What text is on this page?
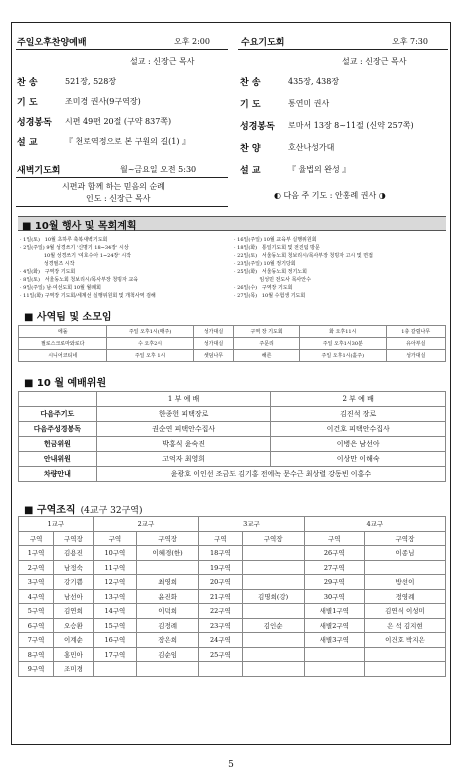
주일오후찬양예배	오후 2:00
설교 : 신장근 목사
찬 송	521장, 528장
기 도	조미경 권사(9구역장)
성경봉독 시편 49편 20절 (구약 837쪽)
설 교	『 천로역정으로 본 구원의 길(1) 』
수요기도회	오후 7:30
설교 : 신장근 목사
찬 송	435장, 438장
기 도	통연미 권사
성경봉독 로마서 13장 8~11절 (신약 257쪽)
찬 양	호산나성가대
설 교	『 율법의 완성 』
◐ 다음 주 기도 : 안홍례 권사 ◑
새벽기도회	월~금요일 오전 5:30
시편과 함께 하는 믿음의 순례
인도 : 신장근 목사
■ 10월 행사 및 목회계획
· 1일(토)   10월 초하루 축복새벽기도회
· 2일(주일) 9월 성경쓰기 '신명기 18~34장' 시상
10월 성경쓰기 '여호수아 1~24장' 시작
성경필즈 시작
· 4일(화)   구역장 기도회
· 8일(토)   서울동노회 청보리시/목사부장 청빙자 교육
· 9일(주일) 남·여선도회 10월 월례회
· 11일(화) 구역장 기도회/세계선 실행위원회 및 개척사역 검해
· 16일(주일) 10월 교육부 실행위원회
· 18일(화)   통일기도회 및 전진팀 방문
· 22일(토)   서울동노회 청보리시/목사부장 청빙자 고시 및 면접
· 23일(주일) 10월 정기당회
· 25일(화)   서울동노회 정기노회
임성민 전도사 목사안수
· 26일(수)   구역장 기도회
· 27일(목)   10월 수험생 기도회
■ 사역팀 및 소모임
에돌	주일 오후1시(매주)	성가대실	구역 장 기도회	화 오후11시	1층 갈릴나무
필로스크로마와로다	수 오후2시	성가대실	주문리	주일 오후1시30분	유아부실
시니어코티네	주일 오후 1시	셋덤나무	해른	주일 오후1시(홀주)	성가대실
■ 10 월 예배위원
	1 부 예 배	2 부 예 배
다음주기도	한종헌 피택장로	김진석 장로
다음주성경봉독	권순연 피택안수집사	이건호 피택안수집사
헌금위원	박홍식 윤숙진	이병은 남선아
안내위원	고억자 최영희	이상만 이해숙
차량안내	윤광호 이인선 조금도 김기홍 전에녹 문수근 최상렬 강동빈 이홍수	
■ 구역조직 (4교구 32구역)
1교구		2교구		3교구		4교구	
구역	구역장	구역	구역장	구역	구역장	구역	구역장
1구역	김용진	10구역	이혜경(한)	18구역		26구역	이종님
2구역	남정숙	11구역		19구역		27구역	
3구역	강기쁨	12구역	최영희	20구역		29구역	방선이
4구역	남선아	13구역	윤진화	21구역	김명희(강)	30구역	정영례
5구역	김연희	14구역	이덕희	22구역		새별1구역	김연식 이성미
6구역	오승환	15구역	김정례	23구역	김인순	새별2구역	은 석 김지현
7구역	이계순	16구역	장은희	24구역		새별3구역	이건호 박지은
8구역	홍민아	17구역	김순임	25구역			
9구역	조미경						
5
